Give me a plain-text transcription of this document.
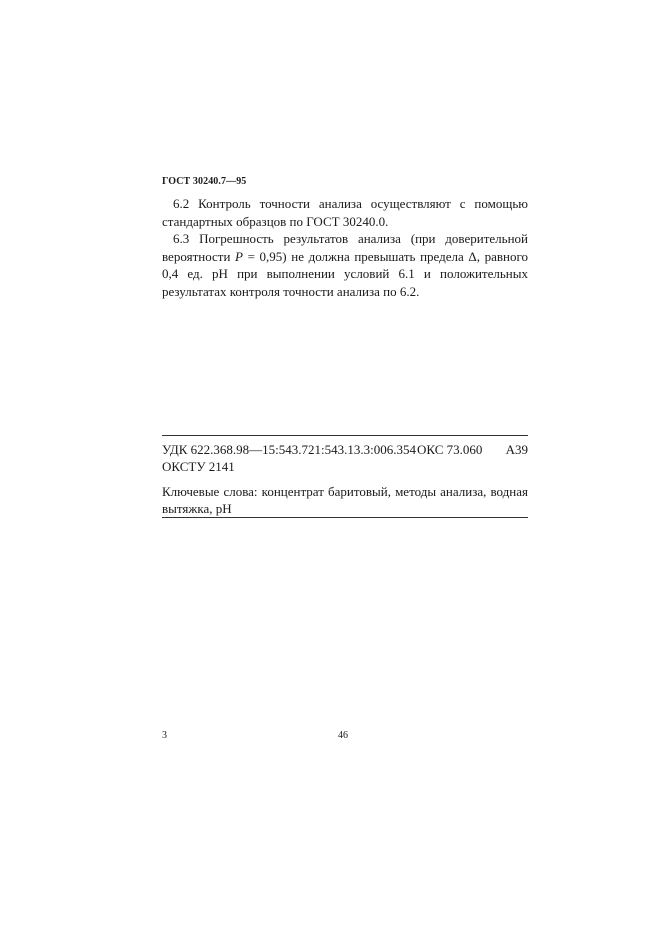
ГОСТ 30240.7—95

6.2 Контроль точности анализа осуществляют с помощью стандартных образцов по ГОСТ 30240.0.

6.3 Погрешность результатов анализа (при доверительной вероятности P = 0,95) не должна превышать предела Δ, равного 0,4 ед. рН при выполнении условий 6.1 и положительных результатах контроля точности анализа по 6.2.

УДК 622.368.98—15:543.721:543.13.3:006.354 ОКС 73.060 А39
ОКСТУ 2141

Ключевые слова: концентрат баритовый, методы анализа, водная вытяжка, рН

3	46
